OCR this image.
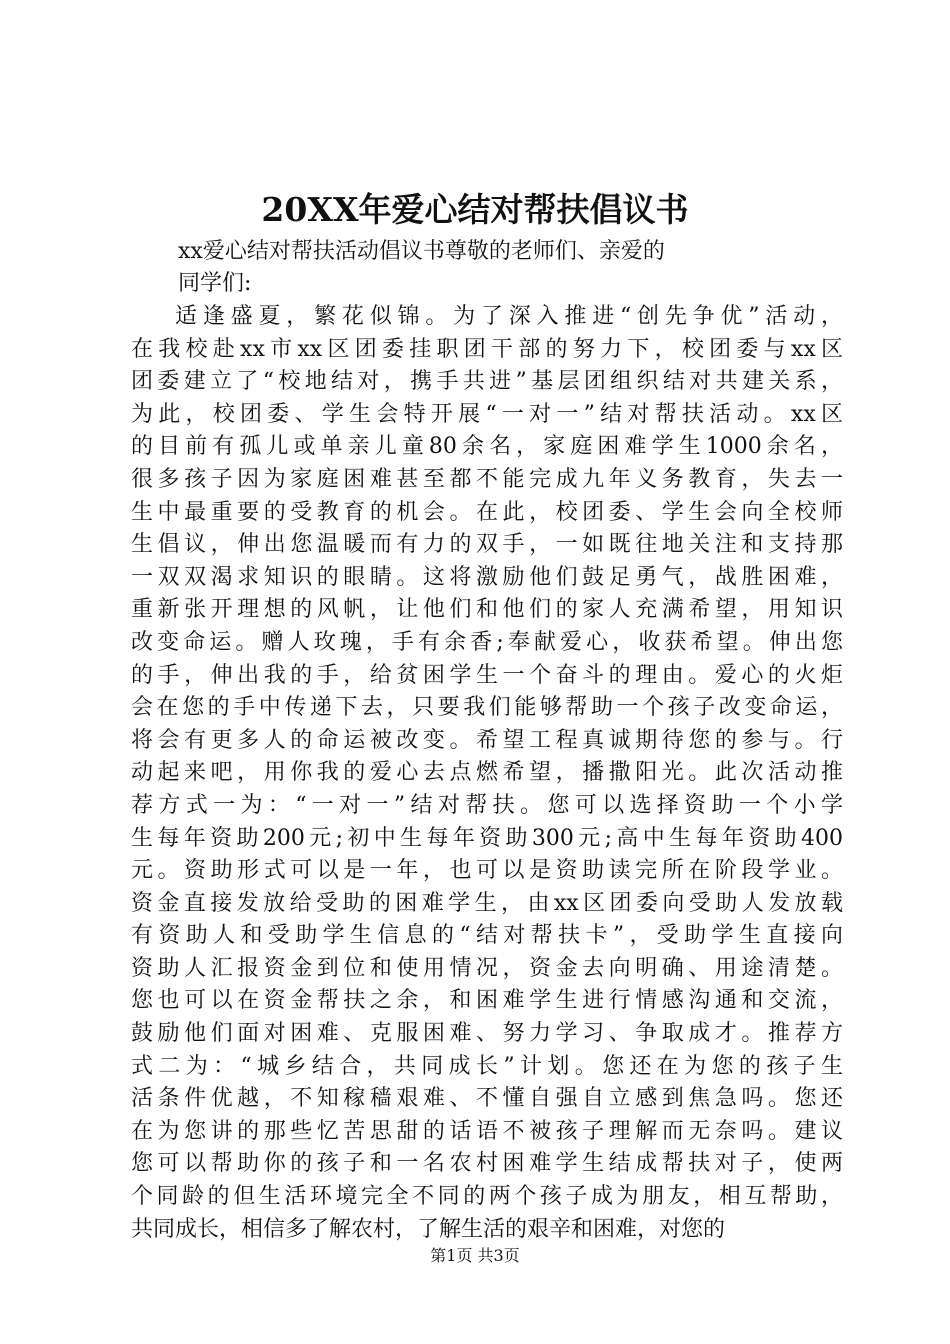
20XX年爱心结对帮扶倡议书
xx爱心结对帮扶活动倡议书尊敬的老师们、亲爱的
同学们:
适逢盛夏，繁花似锦。为了深入推进“创先争优”活动，
在我校赴xx市xx区团委挂职团干部的努力下，校团委与xx区
团委建立了“校地结对，携手共进”基层团组织结对共建关系，
为此，校团委、学生会特开展“一对一”结对帮扶活动。xx区
的目前有孤儿或单亲儿童80余名，家庭困难学生1000余名，
很多孩子因为家庭困难甚至都不能完成九年义务教育，失去一
生中最重要的受教育的机会。在此，校团委、学生会向全校师
生倡议，伸出您温暖而有力的双手，一如既往地关注和支持那
一双双渴求知识的眼睛。这将激励他们鼓足勇气，战胜困难，
重新张开理想的风帆，让他们和他们的家人充满希望，用知识
改变命运。赠人玫瑰，手有余香;奉献爱心，收获希望。伸出您
的手，伸出我的手，给贫困学生一个奋斗的理由。爱心的火炬
会在您的手中传递下去，只要我们能够帮助一个孩子改变命运，
将会有更多人的命运被改变。希望工程真诚期待您的参与。行
动起来吧，用你我的爱心去点燃希望，播撒阳光。此次活动推
荐方式一为：“一对一”结对帮扶。您可以选择资助一个小学
生每年资助200元;初中生每年资助300元;高中生每年资助400
元。资助形式可以是一年，也可以是资助读完所在阶段学业。
资金直接发放给受助的困难学生，由xx区团委向受助人发放载
有资助人和受助学生信息的“结对帮扶卡”，受助学生直接向
资助人汇报资金到位和使用情况，资金去向明确、用途清楚。
您也可以在资金帮扶之余，和困难学生进行情感沟通和交流，
鼓励他们面对困难、克服困难、努力学习、争取成才。推荐方
式二为：“城乡结合，共同成长”计划。您还在为您的孩子生
活条件优越，不知稼穑艰难、不懂自强自立感到焦急吗。您还
在为您讲的那些忆苦思甜的话语不被孩子理解而无奈吗。建议
您可以帮助你的孩子和一名农村困难学生结成帮扶对子，使两
个同龄的但生活环境完全不同的两个孩子成为朋友，相互帮助，
共同成长，相信多了解农村，了解生活的艰辛和困难，对您的
第1页 共3页
